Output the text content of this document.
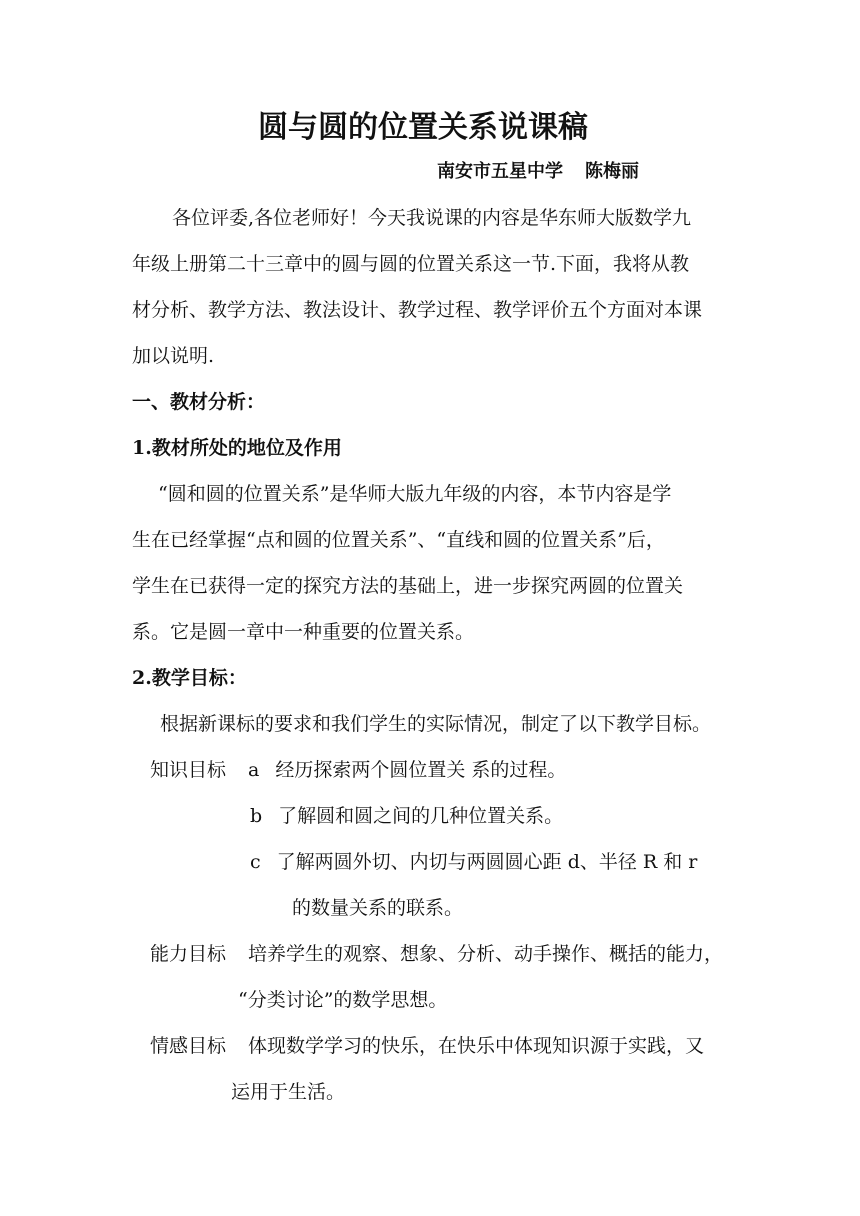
圆与圆的位置关系说课稿
南安市五星中学 陈梅丽
各位评委,各位老师好！今天我说课的内容是华东师大版数学九
年级上册第二十三章中的圆与圆的位置关系这一节.下面，我将从教
材分析、教学方法、教法设计、教学过程、教学评价五个方面对本课
加以说明.
一、教材分析：
1.教材所处的地位及作用
“圆和圆的位置关系”是华师大版九年级的内容，本节内容是学
生在已经掌握“点和圆的位置关系”、“直线和圆的位置关系”后，
学生在已获得一定的探究方法的基础上，进一步探究两圆的位置关
系。它是圆一章中一种重要的位置关系。
2.教学目标：
根据新课标的要求和我们学生的实际情况，制定了以下教学目标。
知识目标 a 经历探索两个圆位置关 系的过程。
b 了解圆和圆之间的几种位置关系。
c 了解两圆外切、内切与两圆圆心距 d、半径 R 和 r
的数量关系的联系。
能力目标 培养学生的观察、想象、分析、动手操作、概括的能力，
“分类讨论”的数学思想。
情感目标 体现数学学习的快乐，在快乐中体现知识源于实践，又
运用于生活。
